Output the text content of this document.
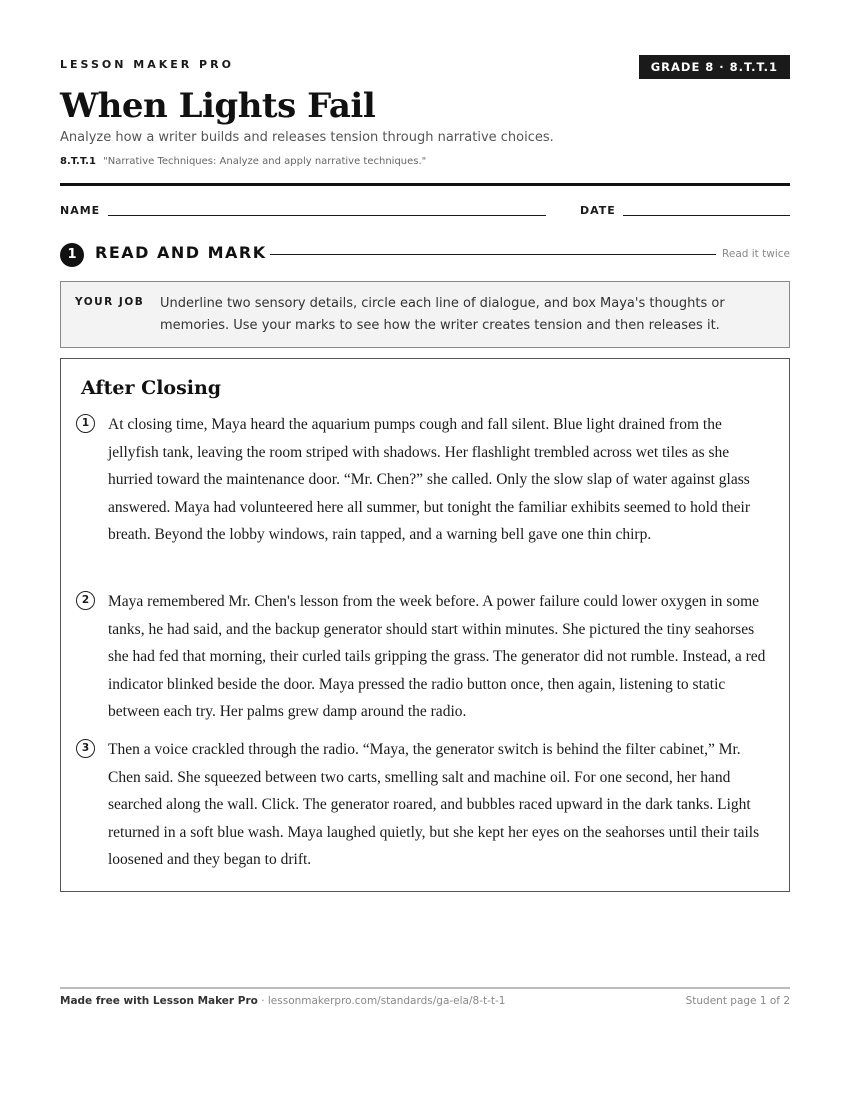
LESSON MAKER PRO	GRADE 8 · 8.T.T.1
When Lights Fail
Analyze how a writer builds and releases tension through narrative choices.
8.T.T.1 "Narrative Techniques: Analyze and apply narrative techniques."
NAME	DATE
1	READ AND MARK	Read it twice
YOUR JOB Underline two sensory details, circle each line of dialogue, and box Maya's thoughts or memories. Use your marks to see how the writer creates tension and then releases it.
After Closing
1	At closing time, Maya heard the aquarium pumps cough and fall silent. Blue light drained from the jellyfish tank, leaving the room striped with shadows. Her flashlight trembled across wet tiles as she hurried toward the maintenance door. “Mr. Chen?” she called. Only the slow slap of water against glass answered. Maya had volunteered here all summer, but tonight the familiar exhibits seemed to hold their breath. Beyond the lobby windows, rain tapped, and a warning bell gave one thin chirp.

2	Maya remembered Mr. Chen's lesson from the week before. A power failure could lower oxygen in some tanks, he had said, and the backup generator should start within minutes. She pictured the tiny seahorses she had fed that morning, their curled tails gripping the grass. The generator did not rumble. Instead, a red indicator blinked beside the door. Maya pressed the radio button once, then again, listening to static between each try. Her palms grew damp around the radio.

3	Then a voice crackled through the radio. “Maya, the generator switch is behind the filter cabinet,” Mr. Chen said. She squeezed between two carts, smelling salt and machine oil. For one second, her hand searched along the wall. Click. The generator roared, and bubbles raced upward in the dark tanks. Light returned in a soft blue wash. Maya laughed quietly, but she kept her eyes on the seahorses until their tails loosened and they began to drift.

Made free with Lesson Maker Pro · lessonmakerpro.com/standards/ga-ela/8-t-t-1	Student page 1 of 2
